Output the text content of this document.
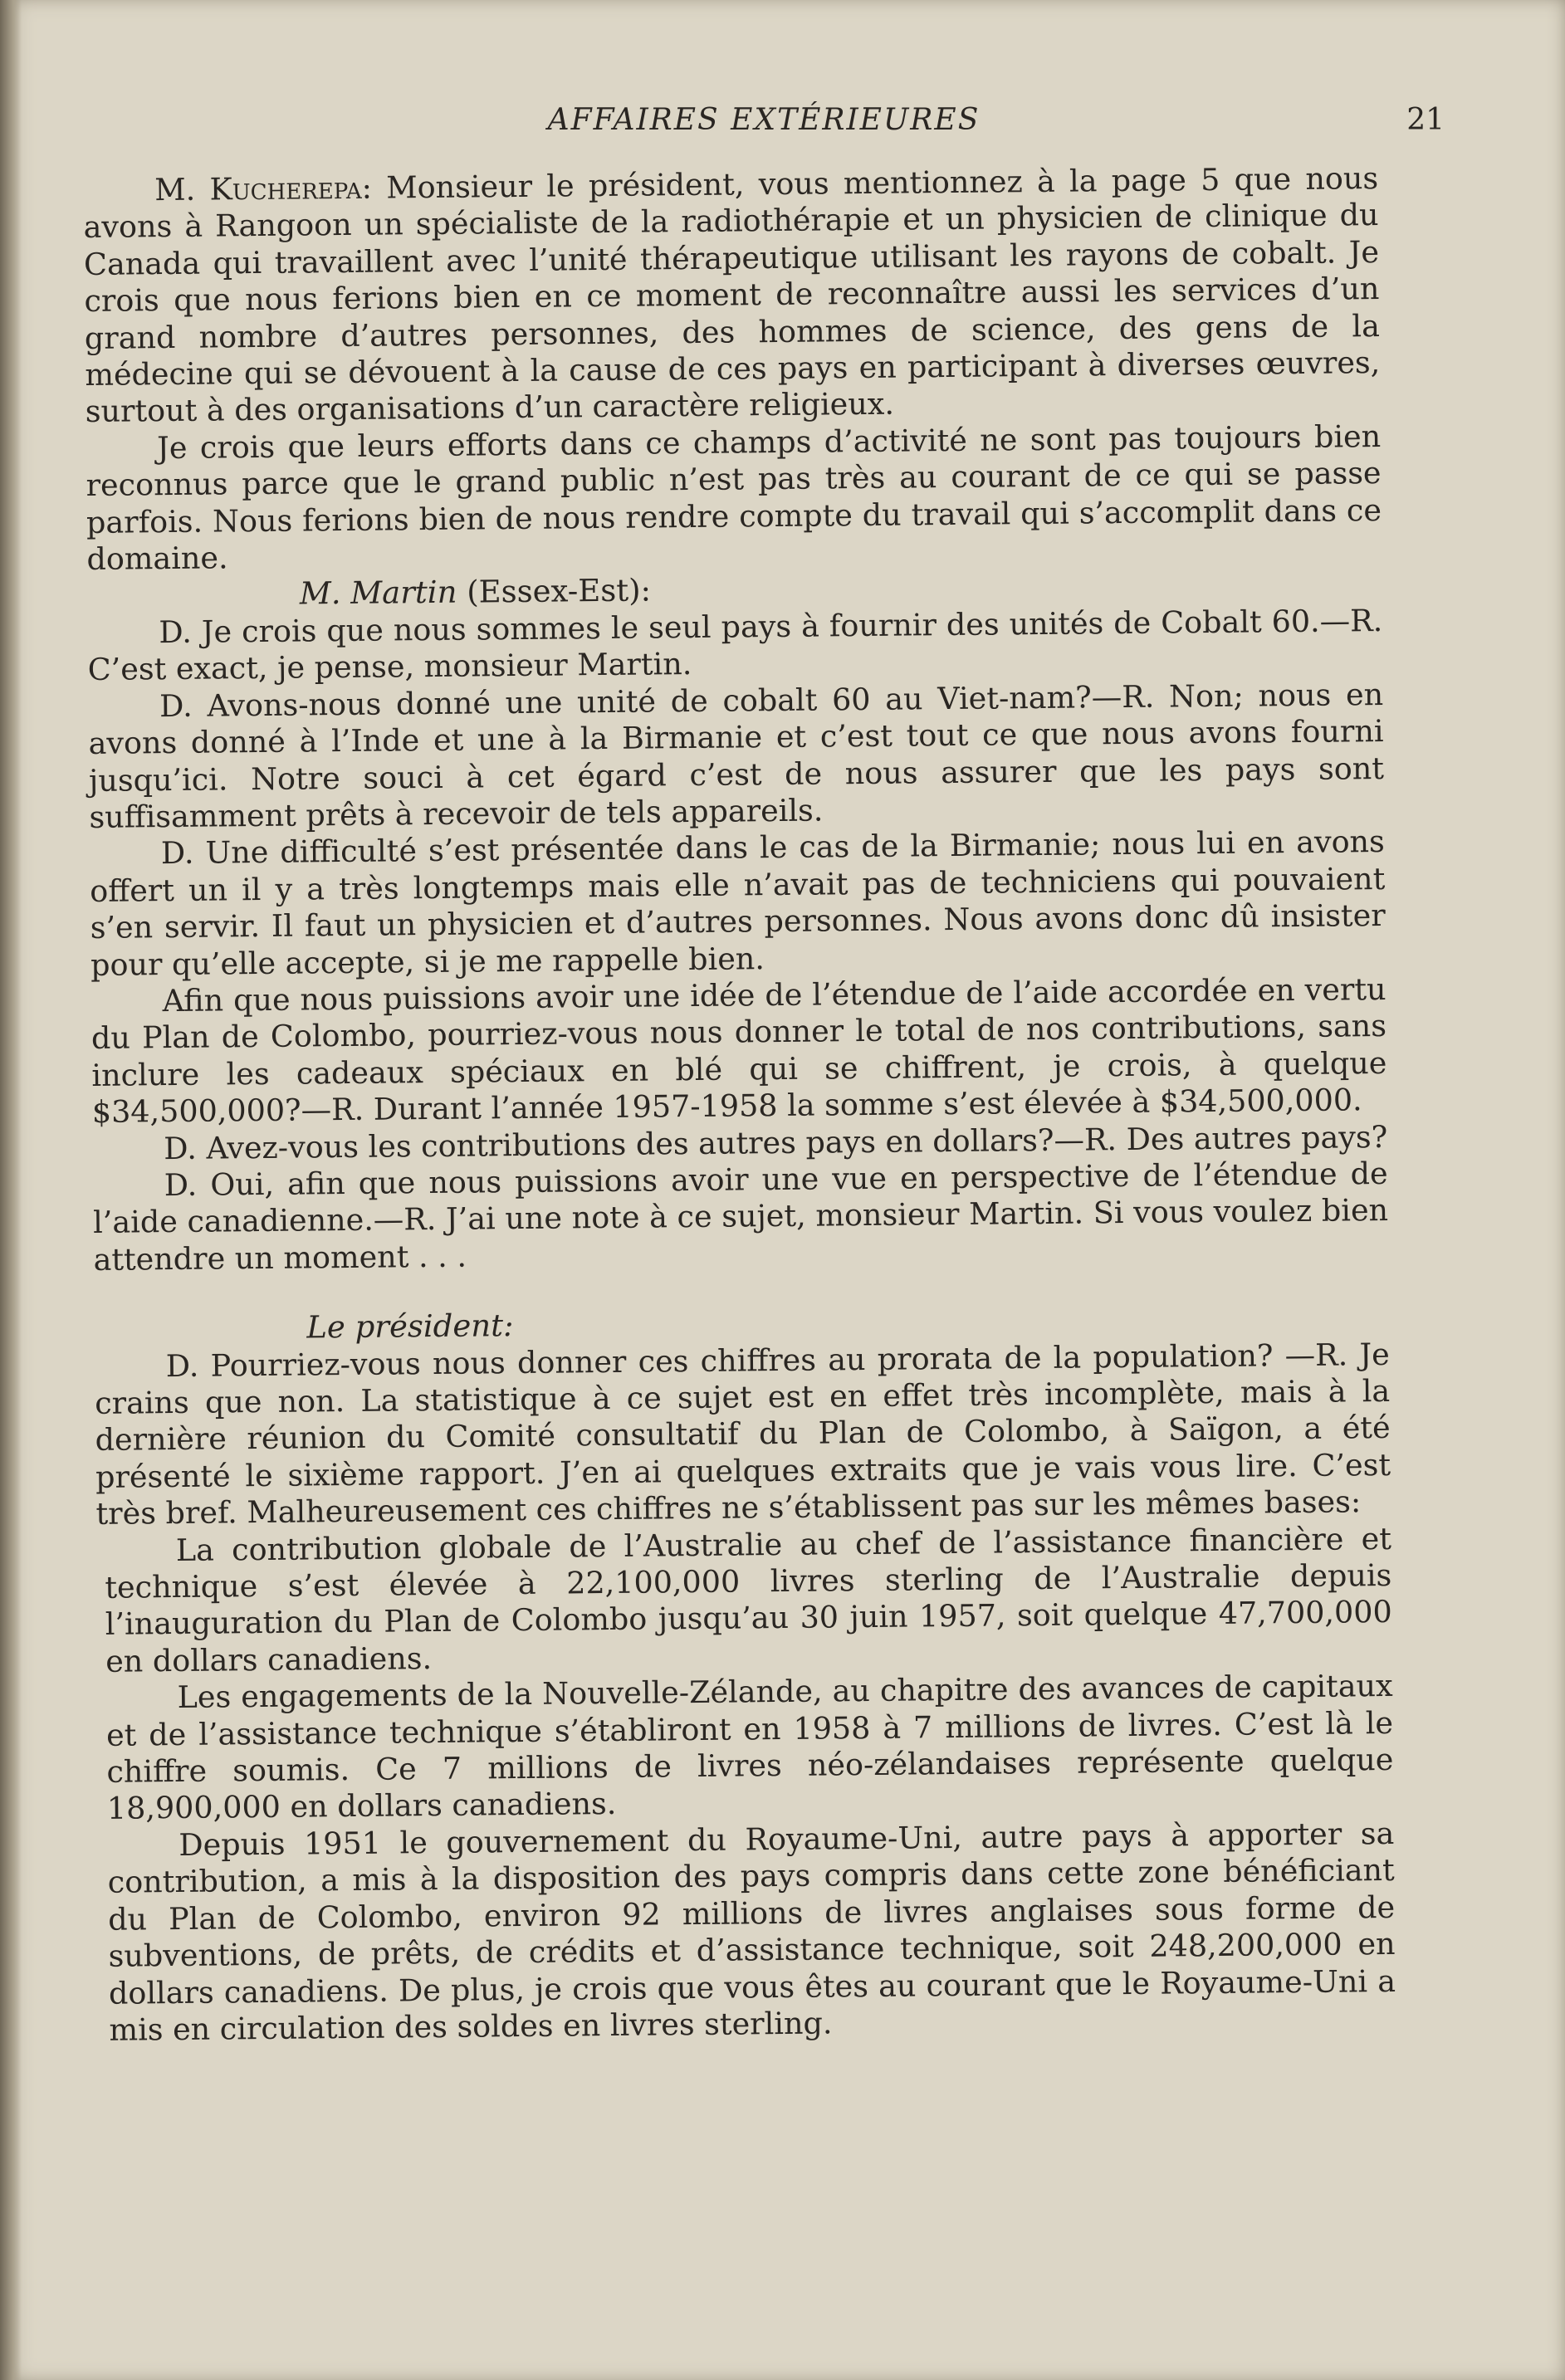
AFFAIRES EXTÉRIEURES	21

M. Kucherepa: Monsieur le président, vous mentionnez à la page 5 que nous avons à Rangoon un spécialiste de la radiothérapie et un physicien de clinique du Canada qui travaillent avec l’unité thérapeutique utilisant les rayons de cobalt. Je crois que nous ferions bien en ce moment de reconnaître aussi les services d’un grand nombre d’autres personnes, des hommes de science, des gens de la médecine qui se dévouent à la cause de ces pays en participant à diverses œuvres, surtout à des organisations d’un caractère religieux.

Je crois que leurs efforts dans ce champs d’activité ne sont pas toujours bien reconnus parce que le grand public n’est pas très au courant de ce qui se passe parfois. Nous ferions bien de nous rendre compte du travail qui s’accomplit dans ce domaine.

M. Martin (Essex-Est):

D. Je crois que nous sommes le seul pays à fournir des unités de Cobalt 60.—R. C’est exact, je pense, monsieur Martin.

D. Avons-nous donné une unité de cobalt 60 au Viet-nam?—R. Non; nous en avons donné à l’Inde et une à la Birmanie et c’est tout ce que nous avons fourni jusqu’ici. Notre souci à cet égard c’est de nous assurer que les pays sont suffisamment prêts à recevoir de tels appareils.

D. Une difficulté s’est présentée dans le cas de la Birmanie; nous lui en avons offert un il y a très longtemps mais elle n’avait pas de techniciens qui pouvaient s’en servir. Il faut un physicien et d’autres personnes. Nous avons donc dû insister pour qu’elle accepte, si je me rappelle bien.

Afin que nous puissions avoir une idée de l’étendue de l’aide accordée en vertu du Plan de Colombo, pourriez-vous nous donner le total de nos contributions, sans inclure les cadeaux spéciaux en blé qui se chiffrent, je crois, à quelque $34,500,000?—R. Durant l’année 1957-1958 la somme s’est élevée à $34,500,000.

D. Avez-vous les contributions des autres pays en dollars?—R. Des autres pays?

D. Oui, afin que nous puissions avoir une vue en perspective de l’étendue de l’aide canadienne.—R. J’ai une note à ce sujet, monsieur Martin. Si vous voulez bien attendre un moment . . .

Le président:

D. Pourriez-vous nous donner ces chiffres au prorata de la population? —R. Je crains que non. La statistique à ce sujet est en effet très incomplète, mais à la dernière réunion du Comité consultatif du Plan de Colombo, à Saïgon, a été présenté le sixième rapport. J’en ai quelques extraits que je vais vous lire. C’est très bref. Malheureusement ces chiffres ne s’établissent pas sur les mêmes bases:

La contribution globale de l’Australie au chef de l’assistance financière et technique s’est élevée à 22,100,000 livres sterling de l’Australie depuis l’inauguration du Plan de Colombo jusqu’au 30 juin 1957, soit quelque 47,700,000 en dollars canadiens.

Les engagements de la Nouvelle-Zélande, au chapitre des avances de capitaux et de l’assistance technique s’établiront en 1958 à 7 millions de livres. C’est là le chiffre soumis. Ce 7 millions de livres néo-zélandaises représente quelque 18,900,000 en dollars canadiens.

Depuis 1951 le gouvernement du Royaume-Uni, autre pays à apporter sa contribution, a mis à la disposition des pays compris dans cette zone bénéficiant du Plan de Colombo, environ 92 millions de livres anglaises sous forme de subventions, de prêts, de crédits et d’assistance technique, soit 248,200,000 en dollars canadiens. De plus, je crois que vous êtes au courant que le Royaume-Uni a mis en circulation des soldes en livres sterling.
